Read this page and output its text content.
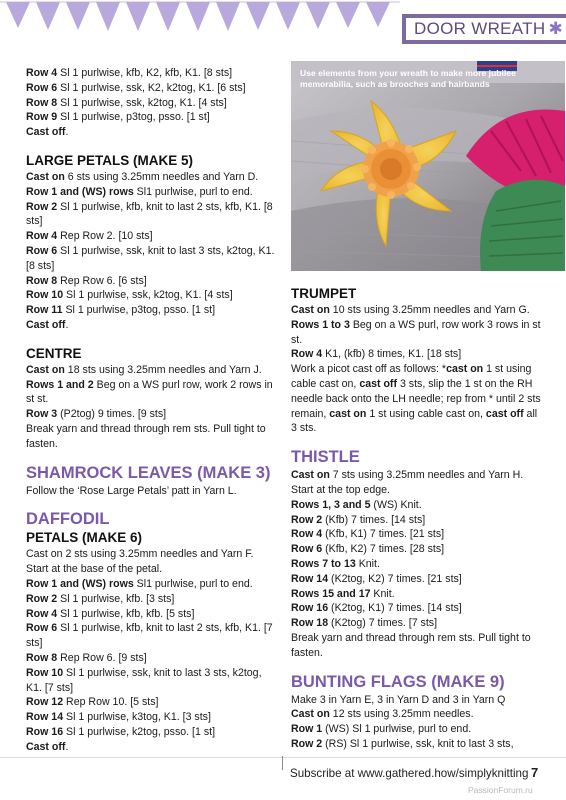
DOOR WREATH ✱

Row 4 Sl 1 purlwise, kfb, K2, kfb, K1. [8 sts]

Row 6 Sl 1 purlwise, ssk, K2, k2tog, K1. [6 sts]

Row 8 Sl 1 purlwise, ssk, k2tog, K1. [4 sts]

Row 9 Sl 1 purlwise, p3tog, psso. [1 st]

Cast off.

LARGE PETALS (MAKE 5)

Cast on 6 sts using 3.25mm needles and Yarn D.

Row 1 and (WS) rows Sl1 purlwise, purl to end.

Row 2 Sl 1 purlwise, kfb, knit to last 2 sts, kfb, K1. [8 sts]

Row 4 Rep Row 2. [10 sts]

Row 6 Sl 1 purlwise, ssk, knit to last 3 sts, k2tog, K1. [8 sts]

Row 8 Rep Row 6. [6 sts]

Row 10 Sl 1 purlwise, ssk, k2tog, K1. [4 sts]

Row 11 Sl 1 purlwise, p3tog, psso. [1 st]

Cast off.

CENTRE

Cast on 18 sts using 3.25mm needles and Yarn J.

Rows 1 and 2 Beg on a WS purl row, work 2 rows in st st.

Row 3 (P2tog) 9 times. [9 sts]

Break yarn and thread through rem sts. Pull tight to fasten.

SHAMROCK LEAVES (MAKE 3)

Follow the ‘Rose Large Petals’ patt in Yarn L.

DAFFODIL
PETALS (MAKE 6)

Cast on 2 sts using 3.25mm needles and Yarn F. Start at the base of the petal.

Row 1 and (WS) rows Sl1 purlwise, purl to end.

Row 2 Sl 1 purlwise, kfb. [3 sts]

Row 4 Sl 1 purlwise, kfb, kfb. [5 sts]

Row 6 Sl 1 purlwise, kfb, knit to last 2 sts, kfb, K1. [7 sts]

Row 8 Rep Row 6. [9 sts]

Row 10 Sl 1 purlwise, ssk, knit to last 3 sts, k2tog, K1. [7 sts]

Row 12 Rep Row 10. [5 sts]

Row 14 Sl 1 purlwise, k3tog, K1. [3 sts]

Row 16 Sl 1 purlwise, k2tog, psso. [1 st]

Cast off.

Use elements from your wreath to make more jubilee memorabilia, such as brooches and hairbands
TRUMPET

Cast on 10 sts using 3.25mm needles and Yarn G.

Rows 1 to 3 Beg on a WS purl, row work 3 rows in st st.

Row 4 K1, (kfb) 8 times, K1. [18 sts]

Work a picot cast off as follows: *cast on 1 st using cable cast on, cast off 3 sts, slip the 1 st on the RH needle back onto the LH needle; rep from * until 2 sts remain, cast on 1 st using cable cast on, cast off all 3 sts.

THISTLE

Cast on 7 sts using 3.25mm needles and Yarn H. Start at the top edge.

Rows 1, 3 and 5 (WS) Knit.

Row 2 (Kfb) 7 times. [14 sts]

Row 4 (Kfb, K1) 7 times. [21 sts]

Row 6 (Kfb, K2) 7 times. [28 sts]

Rows 7 to 13 Knit.

Row 14 (K2tog, K2) 7 times. [21 sts]

Rows 15 and 17 Knit.

Row 16 (K2tog, K1) 7 times. [14 sts]

Row 18 (K2tog) 7 times. [7 sts]

Break yarn and thread through rem sts. Pull tight to fasten.

BUNTING FLAGS (MAKE 9)

Make 3 in Yarn E, 3 in Yarn D and 3 in Yarn Q

Cast on 12 sts using 3.25mm needles.

Row 1 (WS) Sl 1 purlwise, purl to end.

Row 2 (RS) Sl 1 purlwise, ssk, knit to last 3 sts,

Subscribe at www.gathered.how/simplyknitting 7
PassionForum.ru
